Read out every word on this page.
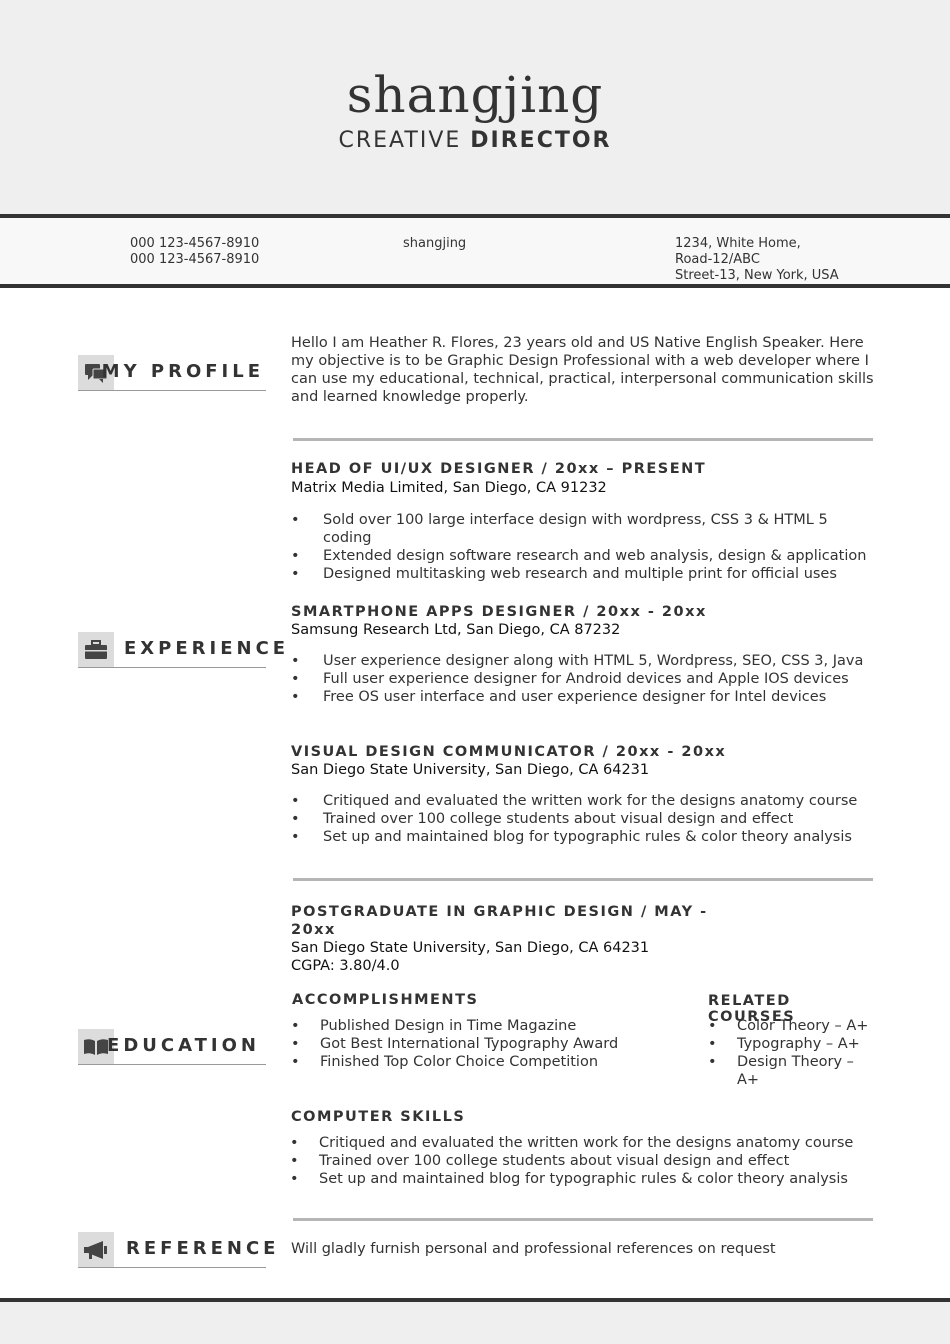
shangjing
CREATIVE DIRECTOR
000 123-4567-8910
000 123-4567-8910
shangjing	1234, White Home,
Road-12/ABC
Street-13, New York, USA
MY PROFILE
Hello I am Heather R. Flores, 23 years old and US Native English Speaker. Here my objective is to be Graphic Design Professional with a web developer where I can use my educational, technical, practical, interpersonal communication skills and learned knowledge properly.
EXPERIENCE
HEAD OF UI/UX DESIGNER / 20xx – PRESENT
Matrix Media Limited, San Diego, CA 91232
• Sold over 100 large interface design with wordpress, CSS 3 & HTML 5 coding
• Extended design software research and web analysis, design & application
• Designed multitasking web research and multiple print for official uses
SMARTPHONE APPS DESIGNER / 20xx - 20xx
Samsung Research Ltd, San Diego, CA 87232
• User experience designer along with HTML 5, Wordpress, SEO, CSS 3, Java
• Full user experience designer for Android devices and Apple IOS devices
• Free OS user interface and user experience designer for Intel devices
VISUAL DESIGN COMMUNICATOR / 20xx - 20xx
San Diego State University, San Diego, CA 64231
• Critiqued and evaluated the written work for the designs anatomy course
• Trained over 100 college students about visual design and effect
• Set up and maintained blog for typographic rules & color theory analysis
EDUCATION
POSTGRADUATE IN GRAPHIC DESIGN / MAY -
20xx
San Diego State University, San Diego, CA 64231
CGPA: 3.80/4.0
ACCOMPLISHMENTS
• Published Design in Time Magazine
• Got Best International Typography Award
• Finished Top Color Choice Competition
RELATED COURSES
• Color Theory – A+
• Typography – A+
• Design Theory – A+
COMPUTER SKILLS
• Critiqued and evaluated the written work for the designs anatomy course
• Trained over 100 college students about visual design and effect
• Set up and maintained blog for typographic rules & color theory analysis
REFERENCE Will gladly furnish personal and professional references on request
